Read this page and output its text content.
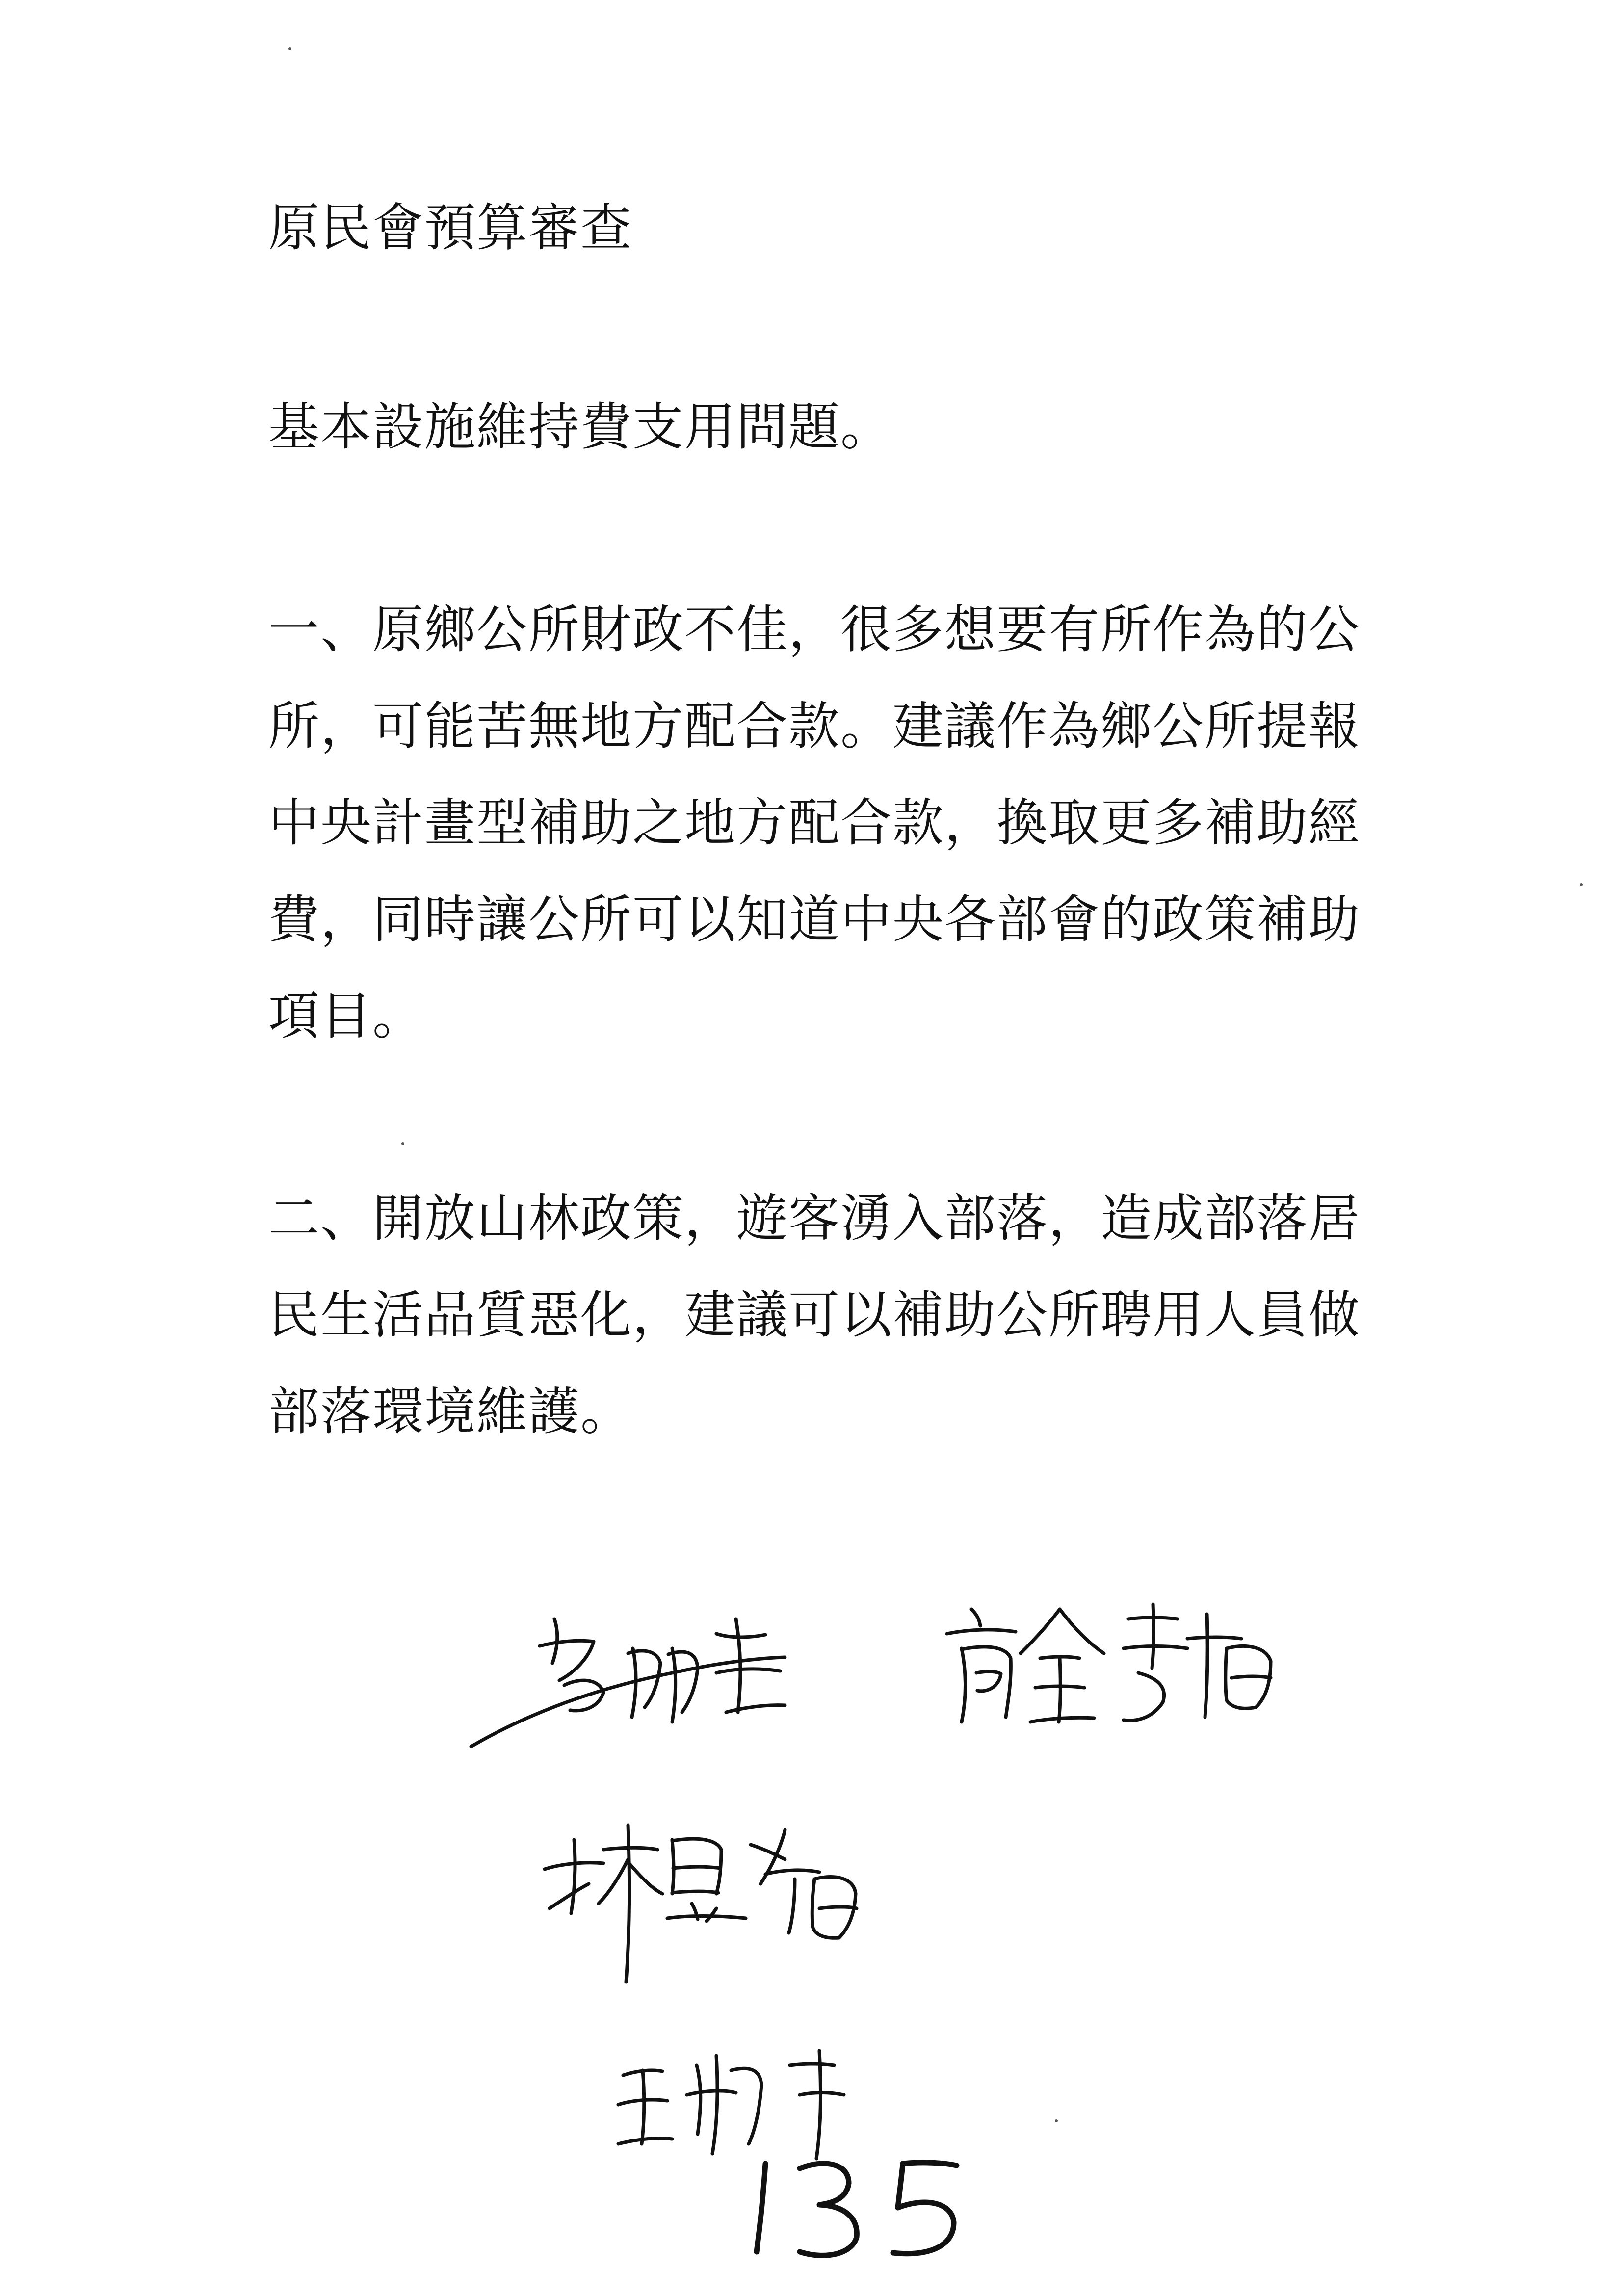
原民會預算審查
基本設施維持費支用問題。
一、原鄉公所財政不佳，很多想要有所作為的公
所，可能苦無地方配合款。建議作為鄉公所提報
中央計畫型補助之地方配合款，換取更多補助經
費，同時讓公所可以知道中央各部會的政策補助
項目。
二、開放山林政策，遊客湧入部落，造成部落居
民生活品質惡化，建議可以補助公所聘用人員做
部落環境維護。
